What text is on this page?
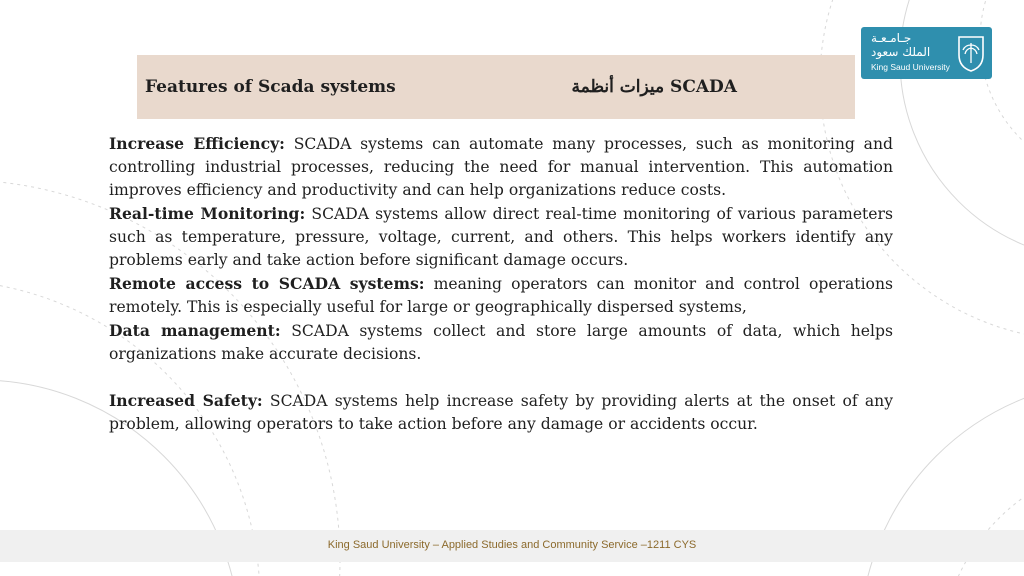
Features of Scada systems	ميزات أنظمة SCADA
جـامـعـة
الملك سعود
King Saud University

Increase Efficiency: SCADA systems can automate many processes, such as monitoring and controlling industrial processes, reducing the need for manual intervention. This automation improves efficiency and productivity and can help organizations reduce costs.

Real-time Monitoring: SCADA systems allow direct real-time monitoring of various parameters such as temperature, pressure, voltage, current, and others. This helps workers identify any problems early and take action before significant damage occurs.

Remote access to SCADA systems: meaning operators can monitor and control operations remotely. This is especially useful for large or geographically dispersed systems,

Data management: SCADA systems collect and store large amounts of data, which helps organizations make accurate decisions.

Increased Safety: SCADA systems help increase safety by providing alerts at the onset of any problem, allowing operators to take action before any damage or accidents occur.

King Saud University – Applied Studies and Community Service –1211 CYS
